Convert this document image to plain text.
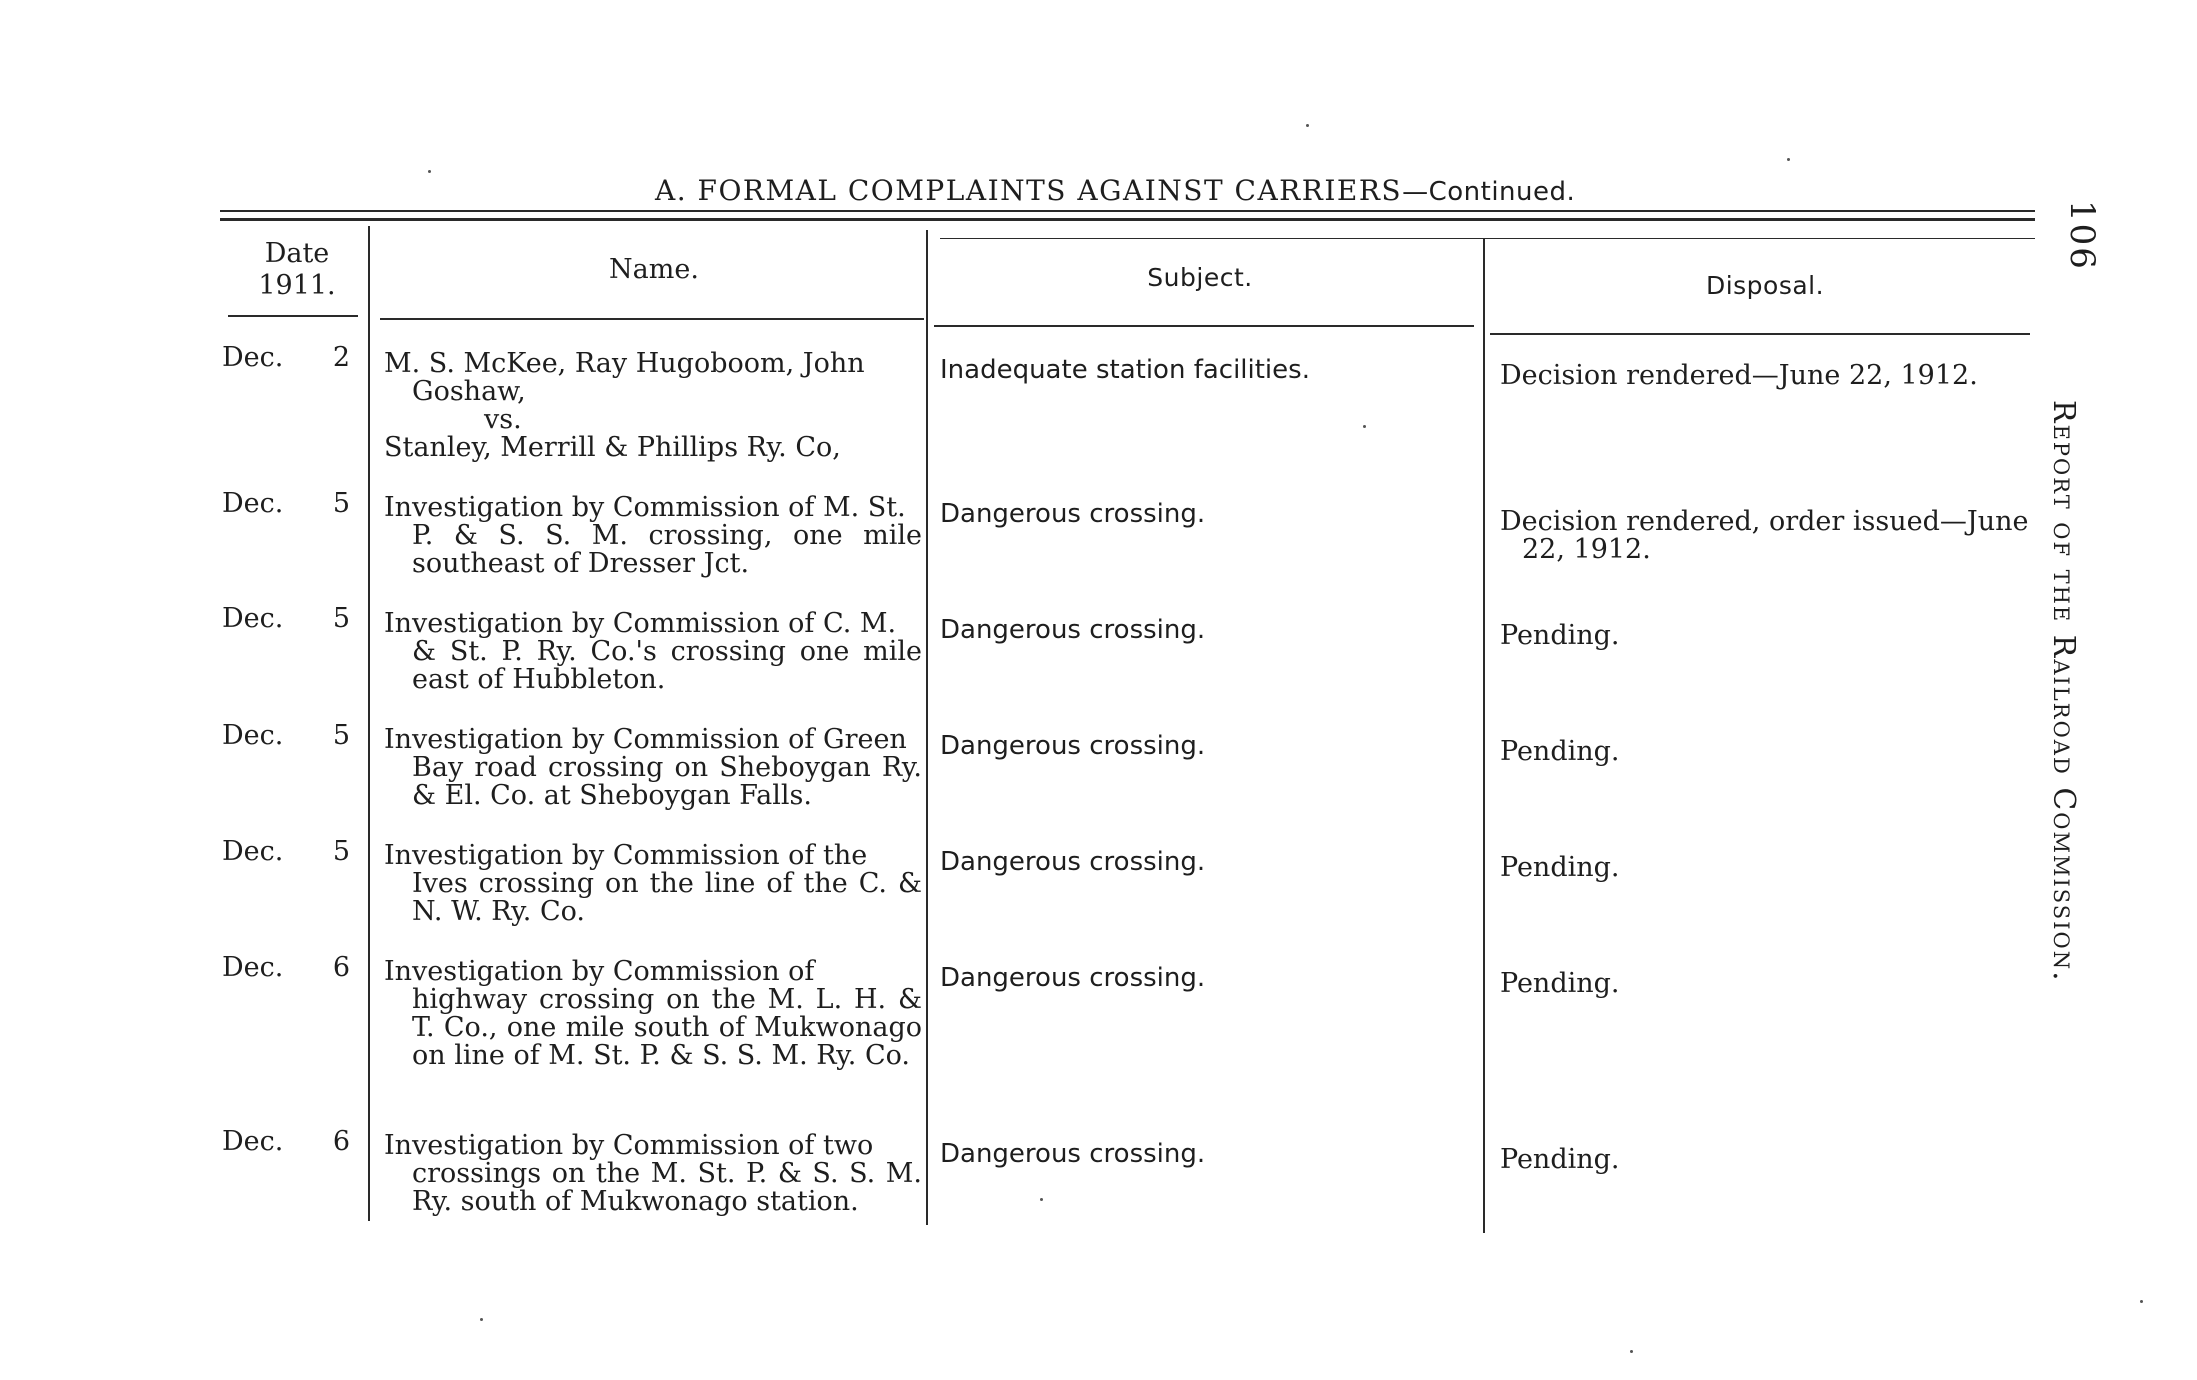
A. FORMAL COMPLAINTS AGAINST CARRIERS—Continued.
Date
1911.
Name.	Subject.	Disposal.
Dec. 2 M. S. McKee, Ray Hugoboom, John
Goshaw,
vs.
Stanley, Merrill & Phillips Ry. Co,
Inadequate station facilities.	Decision rendered—June 22, 1912.
Dec. 5 Investigation by Commission of M. St.
P. & S. S. M. crossing, one mile southeast of Dresser Jct.
Dangerous crossing.	Decision rendered, order issued—June
22, 1912.
Dec. 5 Investigation by Commission of C. M.
& St. P. Ry. Co.'s crossing one mile east of Hubbleton.
Dangerous crossing.	Pending.
Dec. 5 Investigation by Commission of Green
Bay road crossing on Sheboygan Ry. & El. Co. at Sheboygan Falls.
Dangerous crossing.	Pending.
Dec. 5 Investigation by Commission of the
Ives crossing on the line of the C. & N. W. Ry. Co.
Dangerous crossing.	Pending.
Dec. 6 Investigation by Commission of
highway crossing on the M. L. H. & T. Co., one mile south of Mukwonago on line of M. St. P. & S. S. M. Ry. Co.
Dangerous crossing.	Pending.
Dec. 6 Investigation by Commission of two
crossings on the M. St. P. & S. S. M. Ry. south of Mukwonago station.
Dangerous crossing.	Pending.
106
Report of the Railroad Commission.
